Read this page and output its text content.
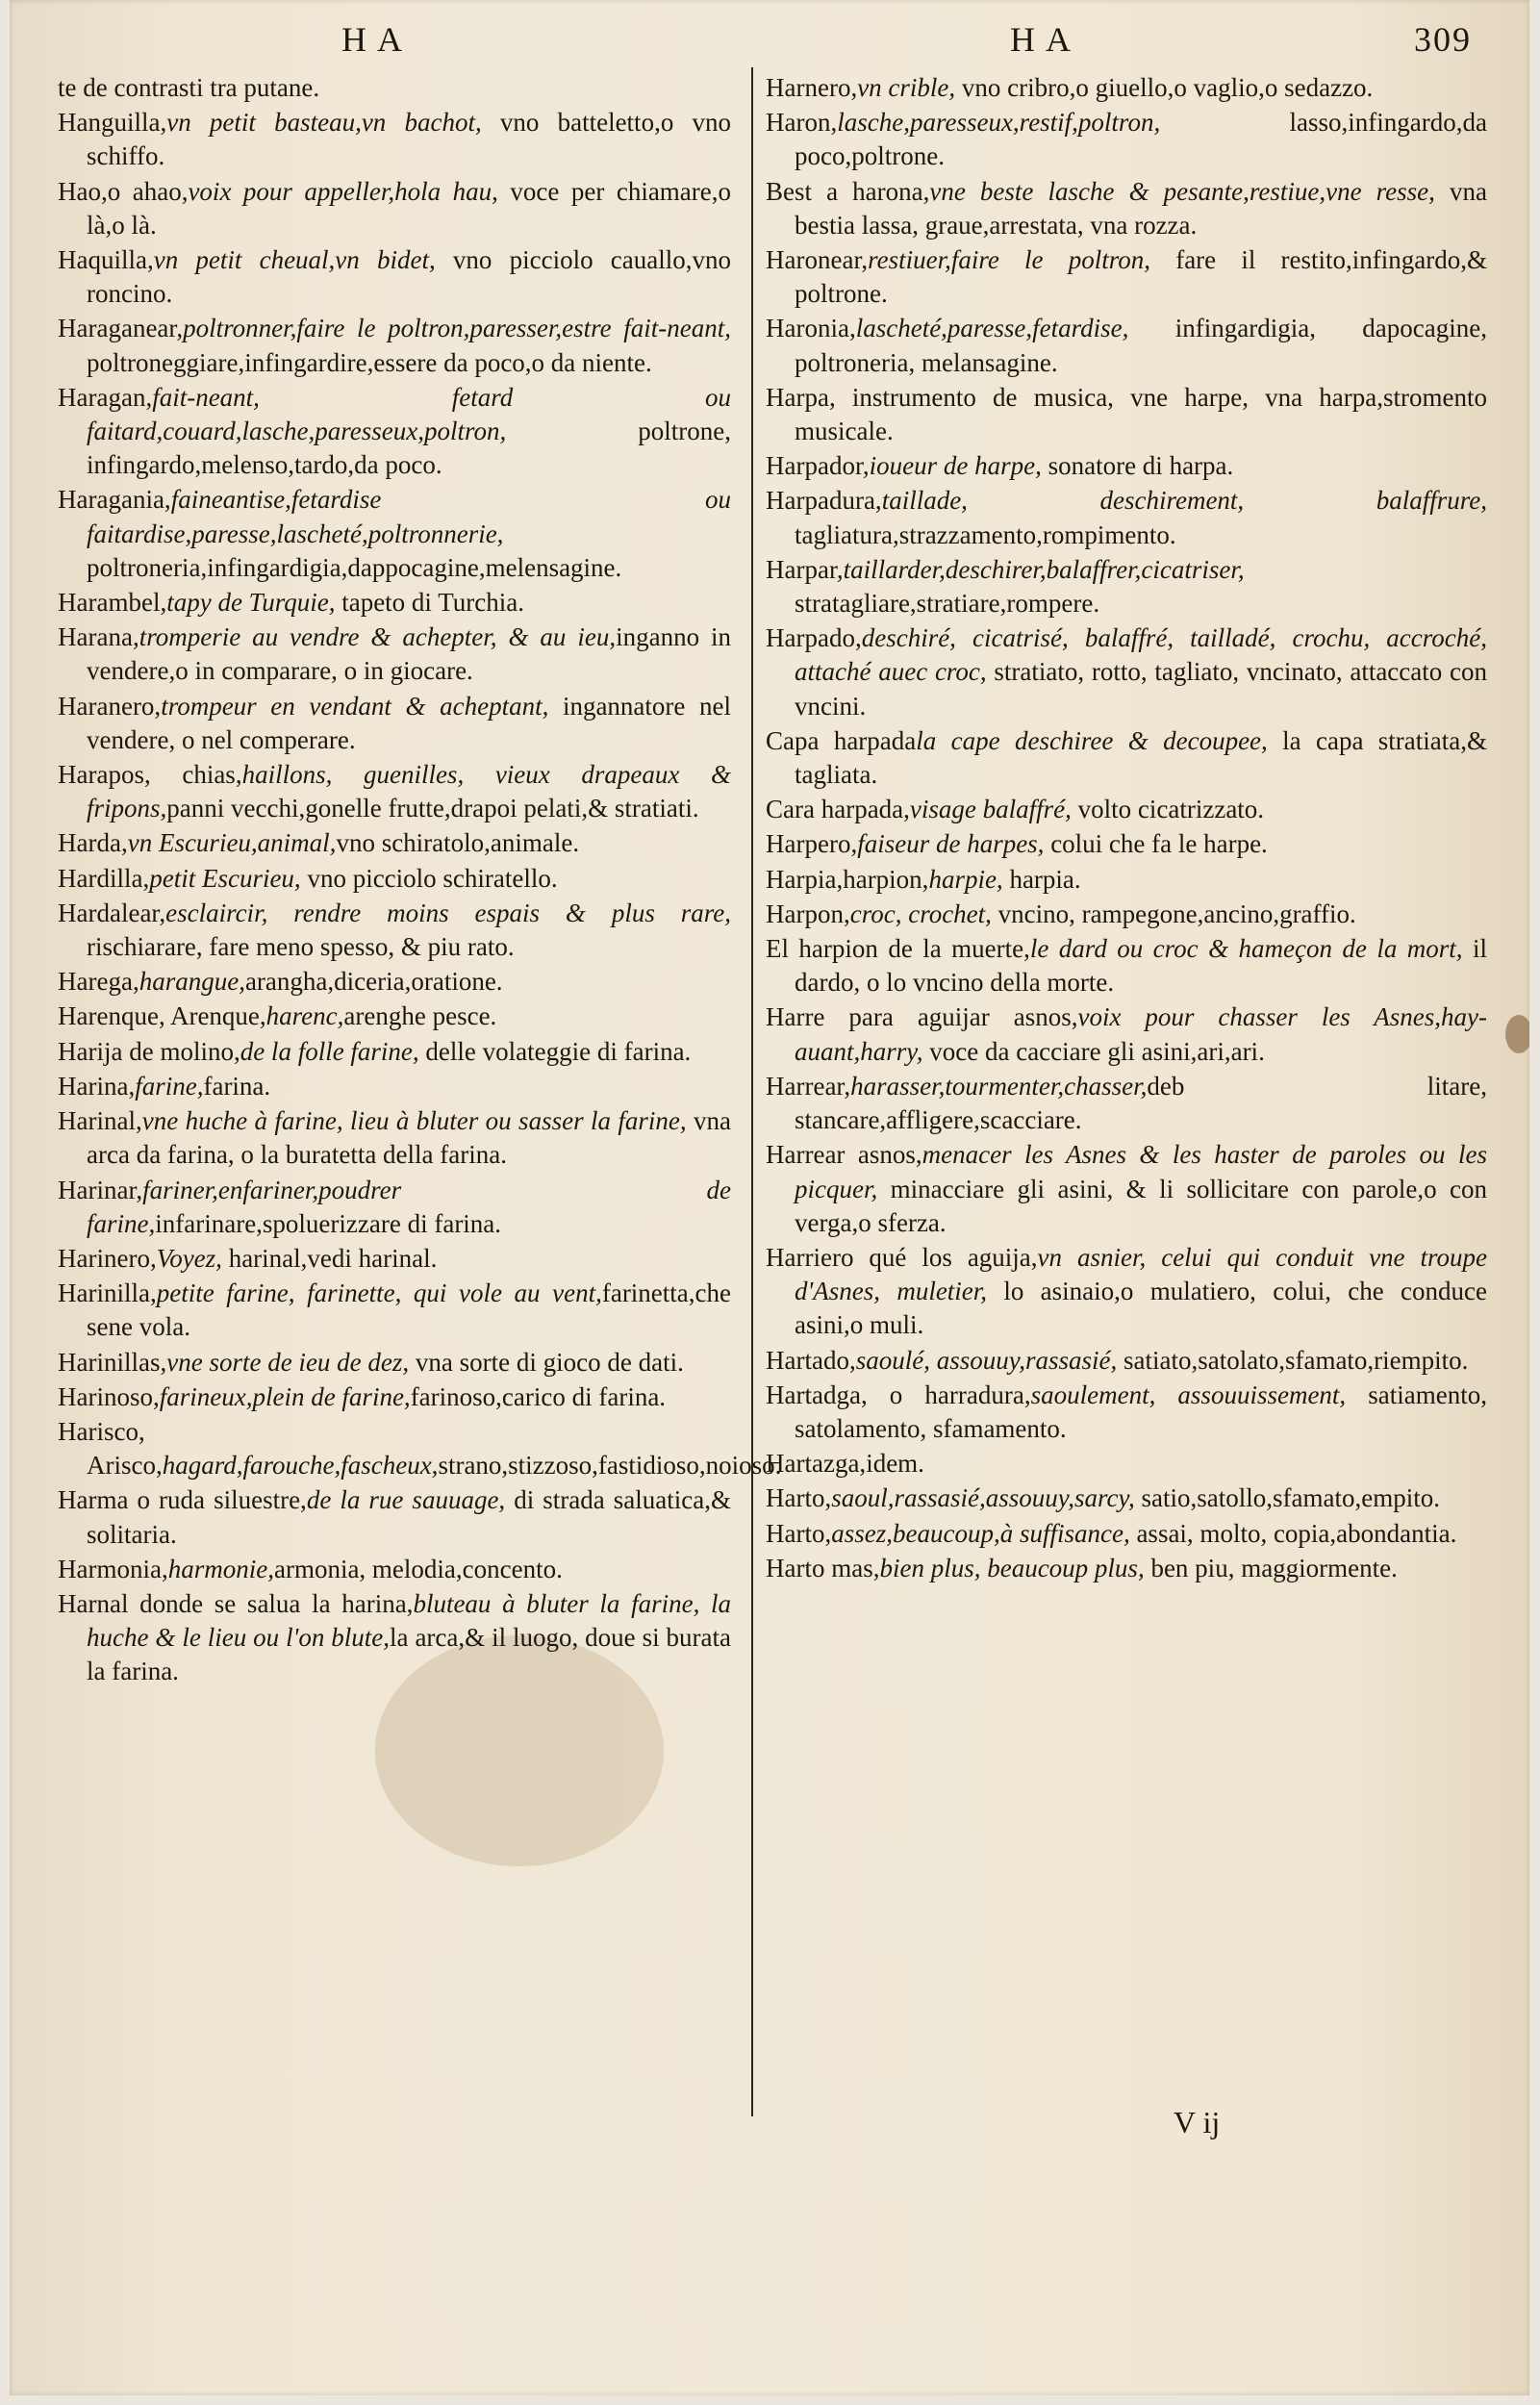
H A	H A	309

te de contrasti tra putane.

Hanguilla,vn petit basteau,vn bachot, vno batteletto,o vno schiffo.

Hao,o ahao,voix pour appeller,hola hau, voce per chiamare,o là,o là.

Haquilla,vn petit cheual,vn bidet, vno picciolo cauallo,vno roncino.

Haraganear,poltronner,faire le poltron,paresser,estre fait-neant, poltroneggiare,infingardire,essere da poco,o da niente.

Haragan,fait-neant, fetard ou faitard,couard,lasche,paresseux,poltron, poltrone, infingardo,melenso,tardo,da poco.

Haragania,faineantise,fetardise ou faitardise,paresse,lascheté,poltronnerie, poltroneria,infingardigia,dappocagine,melensagine.

Harambel,tapy de Turquie, tapeto di Turchia.

Harana,tromperie au vendre & achepter, & au ieu,inganno in vendere,o in comparare, o in giocare.

Haranero,trompeur en vendant & acheptant, ingannatore nel vendere, o nel comperare.

Harapos, chias,haillons, guenilles, vieux drapeaux & fripons,panni vecchi,gonelle frutte,drapoi pelati,& stratiati.

Harda,vn Escurieu,animal,vno schiratolo,animale.

Hardilla,petit Escurieu, vno picciolo schiratello.

Hardalear,esclaircir, rendre moins espais & plus rare, rischiarare, fare meno spesso, & piu rato.

Harega,harangue,arangha,diceria,oratione.

Harenque, Arenque,harenc,arenghe pesce.

Harija de molino,de la folle farine, delle volateggie di farina.

Harina,farine,farina.

Harinal,vne huche à farine, lieu à bluter ou sasser la farine, vna arca da farina, o la buratetta della farina.

Harinar,fariner,enfariner,poudrer de farine,infarinare,spoluerizzare di farina.

Harinero,Voyez, harinal,vedi harinal.

Harinilla,petite farine, farinette, qui vole au vent,farinetta,che sene vola.

Harinillas,vne sorte de ieu de dez, vna sorte di gioco de dati.

Harinoso,farineux,plein de farine,farinoso,carico di farina.

Harisco, Arisco,hagard,farouche,fascheux,strano,stizzoso,fastidioso,noioso.

Harma o ruda siluestre,de la rue sauuage, di strada saluatica,& solitaria.

Harmonia,harmonie,armonia, melodia,concento.

Harnal donde se salua la harina,bluteau à bluter la farine, la huche & le lieu ou l'on blute,la arca,& il luogo, doue si burata la farina.

Harnero,vn crible, vno cribro,o giuello,o vaglio,o sedazzo.

Haron,lasche,paresseux,restif,poltron, lasso,infingardo,da poco,poltrone.

Best a harona,vne beste lasche & pesante,restiue,vne resse, vna bestia lassa, graue,arrestata, vna rozza.

Haronear,restiuer,faire le poltron, fare il restito,infingardo,& poltrone.

Haronia,lascheté,paresse,fetardise, infingardigia, dapocagine, poltroneria, melansagine.

Harpa, instrumento de musica, vne harpe, vna harpa,stromento musicale.

Harpador,ioueur de harpe, sonatore di harpa.

Harpadura,taillade, deschirement, balaffrure, tagliatura,strazzamento,rompimento.

Harpar,taillarder,deschirer,balaffrer,cicatriser, stratagliare,stratiare,rompere.

Harpado,deschiré, cicatrisé, balaffré, tailladé, crochu, accroché, attaché auec croc, stratiato, rotto, tagliato, vncinato, attaccato con vncini.

Capa harpadala cape deschiree & decoupee, la capa stratiata,& tagliata.

Cara harpada,visage balaffré, volto cicatrizzato.

Harpero,faiseur de harpes, colui che fa le harpe.

Harpia,harpion,harpie, harpia.

Harpon,croc, crochet, vncino, rampegone,ancino,graffio.

El harpion de la muerte,le dard ou croc & hameçon de la mort, il dardo, o lo vncino della morte.

Harre para aguijar asnos,voix pour chasser les Asnes,hay-auant,harry, voce da cacciare gli asini,ari,ari.

Harrear,harasser,tourmenter,chasser,deb litare, stancare,affligere,scacciare.

Harrear asnos,menacer les Asnes & les haster de paroles ou les picquer, minacciare gli asini, & li sollicitare con parole,o con verga,o sferza.

Harriero qué los aguija,vn asnier, celui qui conduit vne troupe d'Asnes, muletier, lo asinaio,o mulatiero, colui, che conduce asini,o muli.

Hartado,saoulé, assouuy,rassasié, satiato,satolato,sfamato,riempito.

Hartadga, o harradura,saoulement, assouuissement, satiamento, satolamento, sfamamento.

Hartazga,idem.

Harto,saoul,rassasié,assouuy,sarcy, satio,satollo,sfamato,empito.

Harto,assez,beaucoup,à suffisance, assai, molto, copia,abondantia.

Harto mas,bien plus, beaucoup plus, ben piu, maggiormente.

V ij
